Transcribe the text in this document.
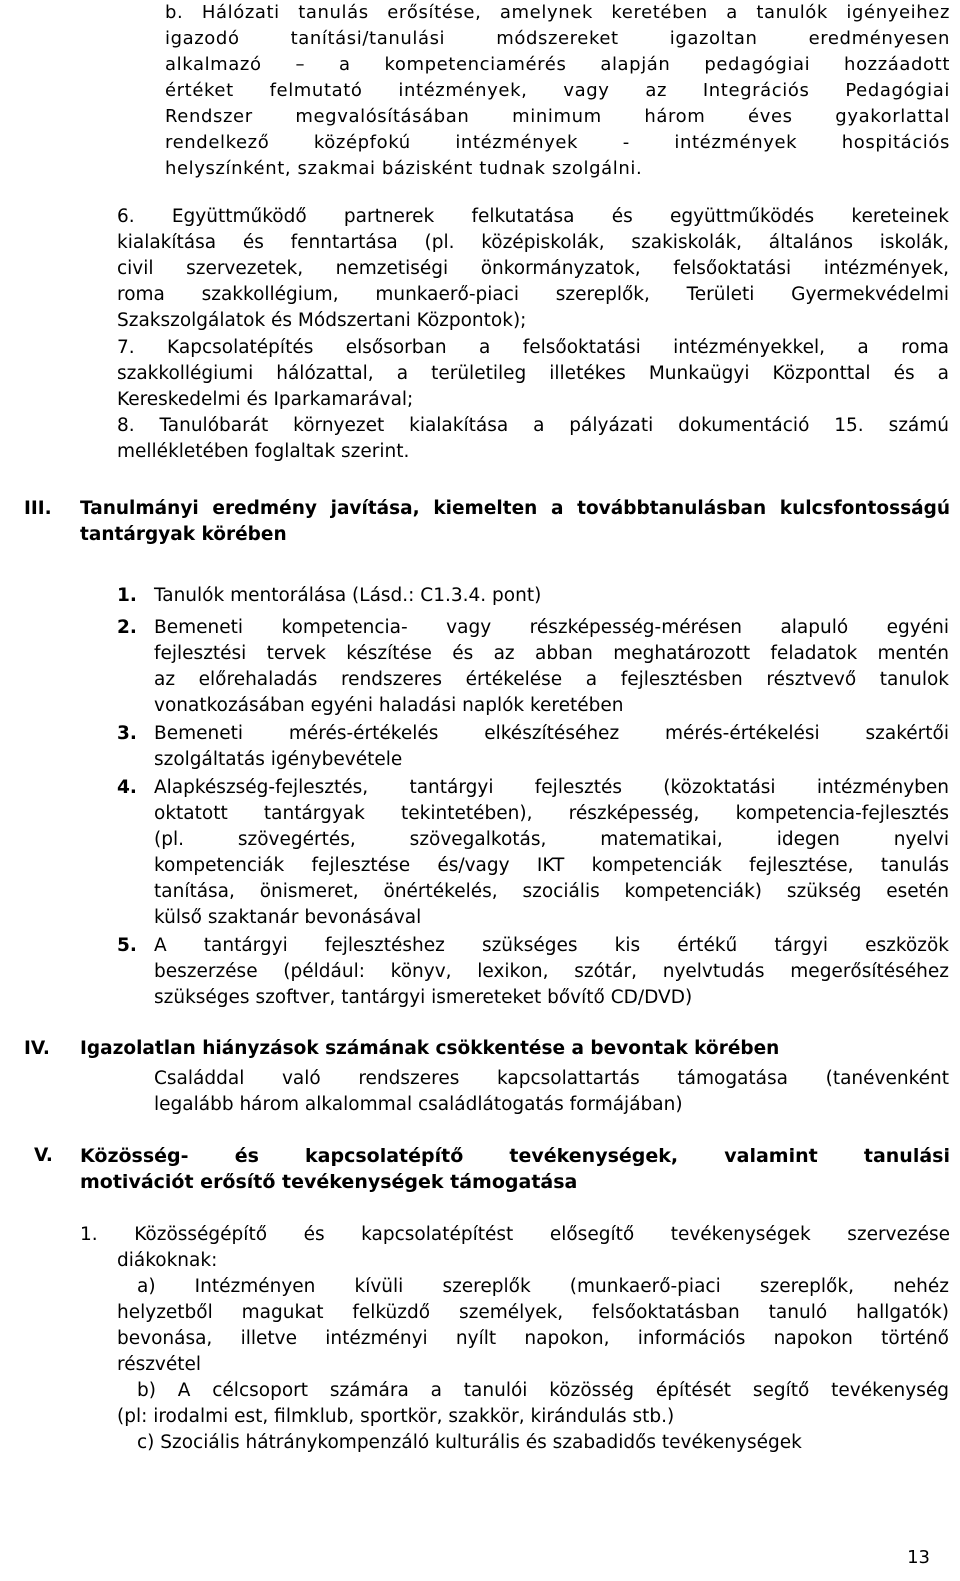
b. Hálózati tanulás erősítése, amelynek keretében a tanulók igényeihez
igazodó tanítási/tanulási módszereket igazoltan eredményesen
alkalmazó – a kompetenciamérés alapján pedagógiai hozzáadott
értéket felmutató intézmények, vagy az Integrációs Pedagógiai
Rendszer megvalósításában minimum három éves gyakorlattal
rendelkező középfokú intézmények - intézmények hospitációs
helyszínként, szakmai bázisként tudnak szolgálni.
6. Együttműködő partnerek felkutatása és együttműködés kereteinek
kialakítása és fenntartása (pl. középiskolák, szakiskolák, általános iskolák,
civil szervezetek, nemzetiségi önkormányzatok, felsőoktatási intézmények,
roma szakkollégium, munkaerő-piaci szereplők, Területi Gyermekvédelmi
Szakszolgálatok és Módszertani Központok);
7. Kapcsolatépítés elsősorban a felsőoktatási intézményekkel, a roma
szakkollégiumi hálózattal, a területileg illetékes Munkaügyi Központtal és a
Kereskedelmi és Iparkamarával;
8. Tanulóbarát környezet kialakítása a pályázati dokumentáció 15. számú
mellékletében foglaltak szerint.
III. Tanulmányi eredmény javítása, kiemelten a továbbtanulásban kulcsfontosságú
tantárgyak körében
1. Tanulók mentorálása (Lásd.: C1.3.4. pont)
2. Bemeneti kompetencia- vagy részképesség-mérésen alapuló egyéni
fejlesztési tervek készítése és az abban meghatározott feladatok mentén
az előrehaladás rendszeres értékelése a fejlesztésben résztvevő tanulok
vonatkozásában egyéni haladási naplók keretében
3. Bemeneti mérés-értékelés elkészítéséhez mérés-értékelési szakértői
szolgáltatás igénybevétele
4. Alapkészség-fejlesztés, tantárgyi fejlesztés (közoktatási intézményben
oktatott tantárgyak tekintetében), részképesség, kompetencia-fejlesztés
(pl. szövegértés, szövegalkotás, matematikai, idegen nyelvi
kompetenciák fejlesztése és/vagy IKT kompetenciák fejlesztése, tanulás
tanítása, önismeret, önértékelés, szociális kompetenciák) szükség esetén
külső szaktanár bevonásával
5. A tantárgyi fejlesztéshez szükséges kis értékű tárgyi eszközök
beszerzése (például: könyv, lexikon, szótár, nyelvtudás megerősítéséhez
szükséges szoftver, tantárgyi ismereteket bővítő CD/DVD)
IV. Igazolatlan hiányzások számának csökkentése a bevontak körében
Családdal való rendszeres kapcsolattartás támogatása (tanévenként
legalább három alkalommal családlátogatás formájában)
V. Közösség- és kapcsolatépítő tevékenységek, valamint tanulási
motivációt erősítő tevékenységek támogatása
1. Közösségépítő és kapcsolatépítést elősegítő tevékenységek szervezése
diákoknak:
a) Intézményen kívüli szereplők (munkaerő-piaci szereplők, nehéz
helyzetből magukat felküzdő személyek, felsőoktatásban tanuló hallgatók)
bevonása, illetve intézményi nyílt napokon, információs napokon történő
részvétel
b) A célcsoport számára a tanulói közösség építését segítő tevékenység
(pl: irodalmi est, filmklub, sportkör, szakkör, kirándulás stb.)
c) Szociális hátránykompenzáló kulturális és szabadidős tevékenységek
13
